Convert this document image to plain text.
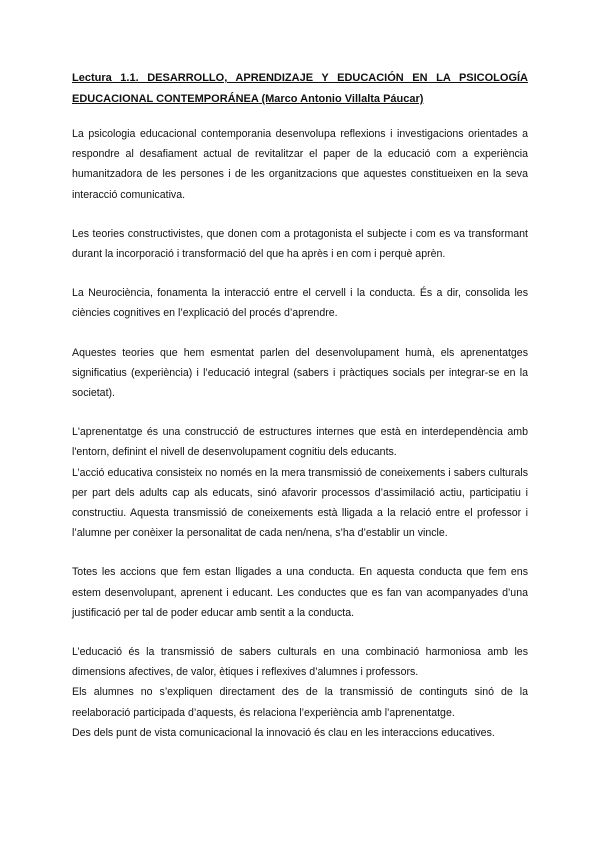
Lectura 1.1. DESARROLLO, APRENDIZAJE Y EDUCACIÓN EN LA PSICOLOGÍA EDUCACIONAL CONTEMPORÁNEA (Marco Antonio Villalta Páucar)

La psicologia educacional contemporania desenvolupa reflexions i investigacions orientades a respondre al desafiament actual de revitalitzar el paper de la educació com a experiència humanitzadora de les persones i de les organitzacions que aquestes constitueixen en la seva interacció comunicativa.

Les teories constructivistes, que donen com a protagonista el subjecte i com es va transformant durant la incorporació i transformació del que ha après i en com i perquè aprèn.

La Neurociència, fonamenta la interacció entre el cervell i la conducta. És a dir, consolida les ciències cognitives en l’explicació del procés d’aprendre.

Aquestes teories que hem esmentat parlen del desenvolupament humà, els aprenentatges significatius (experiència) i l’educació integral (sabers i pràctiques socials per integrar-se en la societat).

L'aprenentatge és una construcció de estructures internes que està en interdependència amb l'entorn, definint el nivell de desenvolupament cognitiu dels educants.

L’acció educativa consisteix no només en la mera transmissió de coneixements i sabers culturals per part dels adults cap als educats, sinó afavorir processos d’assimilació actiu, participatiu i constructiu. Aquesta transmissió de coneixements està lligada a la relació entre el professor i l’alumne per conèixer la personalitat de cada nen/nena, s’ha d’establir un vincle.

Totes les accions que fem estan lligades a una conducta. En aquesta conducta que fem ens estem desenvolupant, aprenent i educant. Les conductes que es fan van acompanyades d’una justificació per tal de poder educar amb sentit a la conducta.

L’educació és la transmissió de sabers culturals en una combinació harmoniosa amb les dimensions afectives, de valor, ètiques i reflexives d’alumnes i professors.

Els alumnes no s’expliquen directament des de la transmissió de continguts sinó de la reelaboració participada d’aquests, és relaciona l’experiència amb l’aprenentatge.

Des dels punt de vista comunicacional la innovació és clau en les interaccions educatives.
